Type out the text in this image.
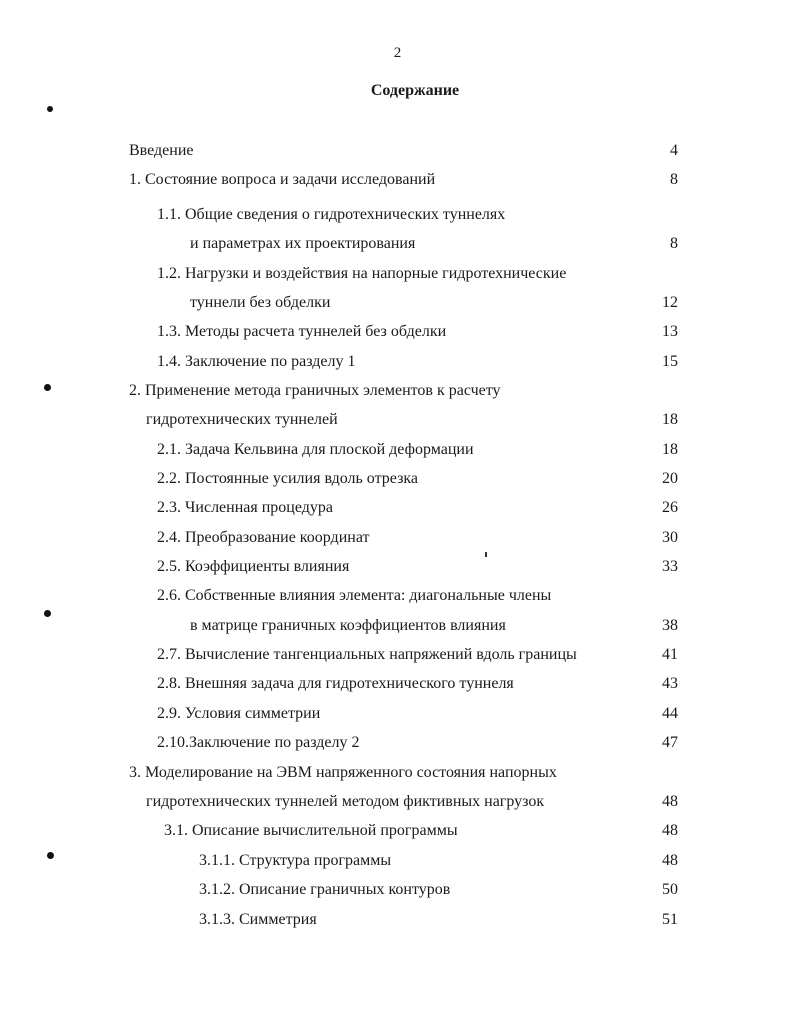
2
Содержание
Введение	4
1. Состояние вопроса и задачи исследований	8
1.1. Общие сведения о гидротехнических туннелях
и параметрах их проектирования	8
1.2. Нагрузки и воздействия на напорные гидротехнические
туннели без обделки	12
1.3. Методы расчета туннелей без обделки	13
1.4. Заключение по разделу 1	15
2. Применение метода граничных элементов к расчету
гидротехнических туннелей	18
2.1. Задача Кельвина для плоской деформации	18
2.2. Постоянные усилия вдоль отрезка	20
2.3. Численная процедура	26
2.4. Преобразование координат	30
2.5. Коэффициенты влияния	33
2.6. Собственные влияния элемента: диагональные члены
в матрице граничных коэффициентов влияния	38
2.7. Вычисление тангенциальных напряжений вдоль границы	41
2.8. Внешняя задача для гидротехнического туннеля	43
2.9. Условия симметрии	44
2.10.Заключение по разделу 2	47
3. Моделирование на ЭВМ напряженного состояния напорных
гидротехнических туннелей методом фиктивных нагрузок	48
3.1. Описание вычислительной программы	48
3.1.1. Структура программы	48
3.1.2. Описание граничных контуров	50
3.1.3. Симметрия	51
